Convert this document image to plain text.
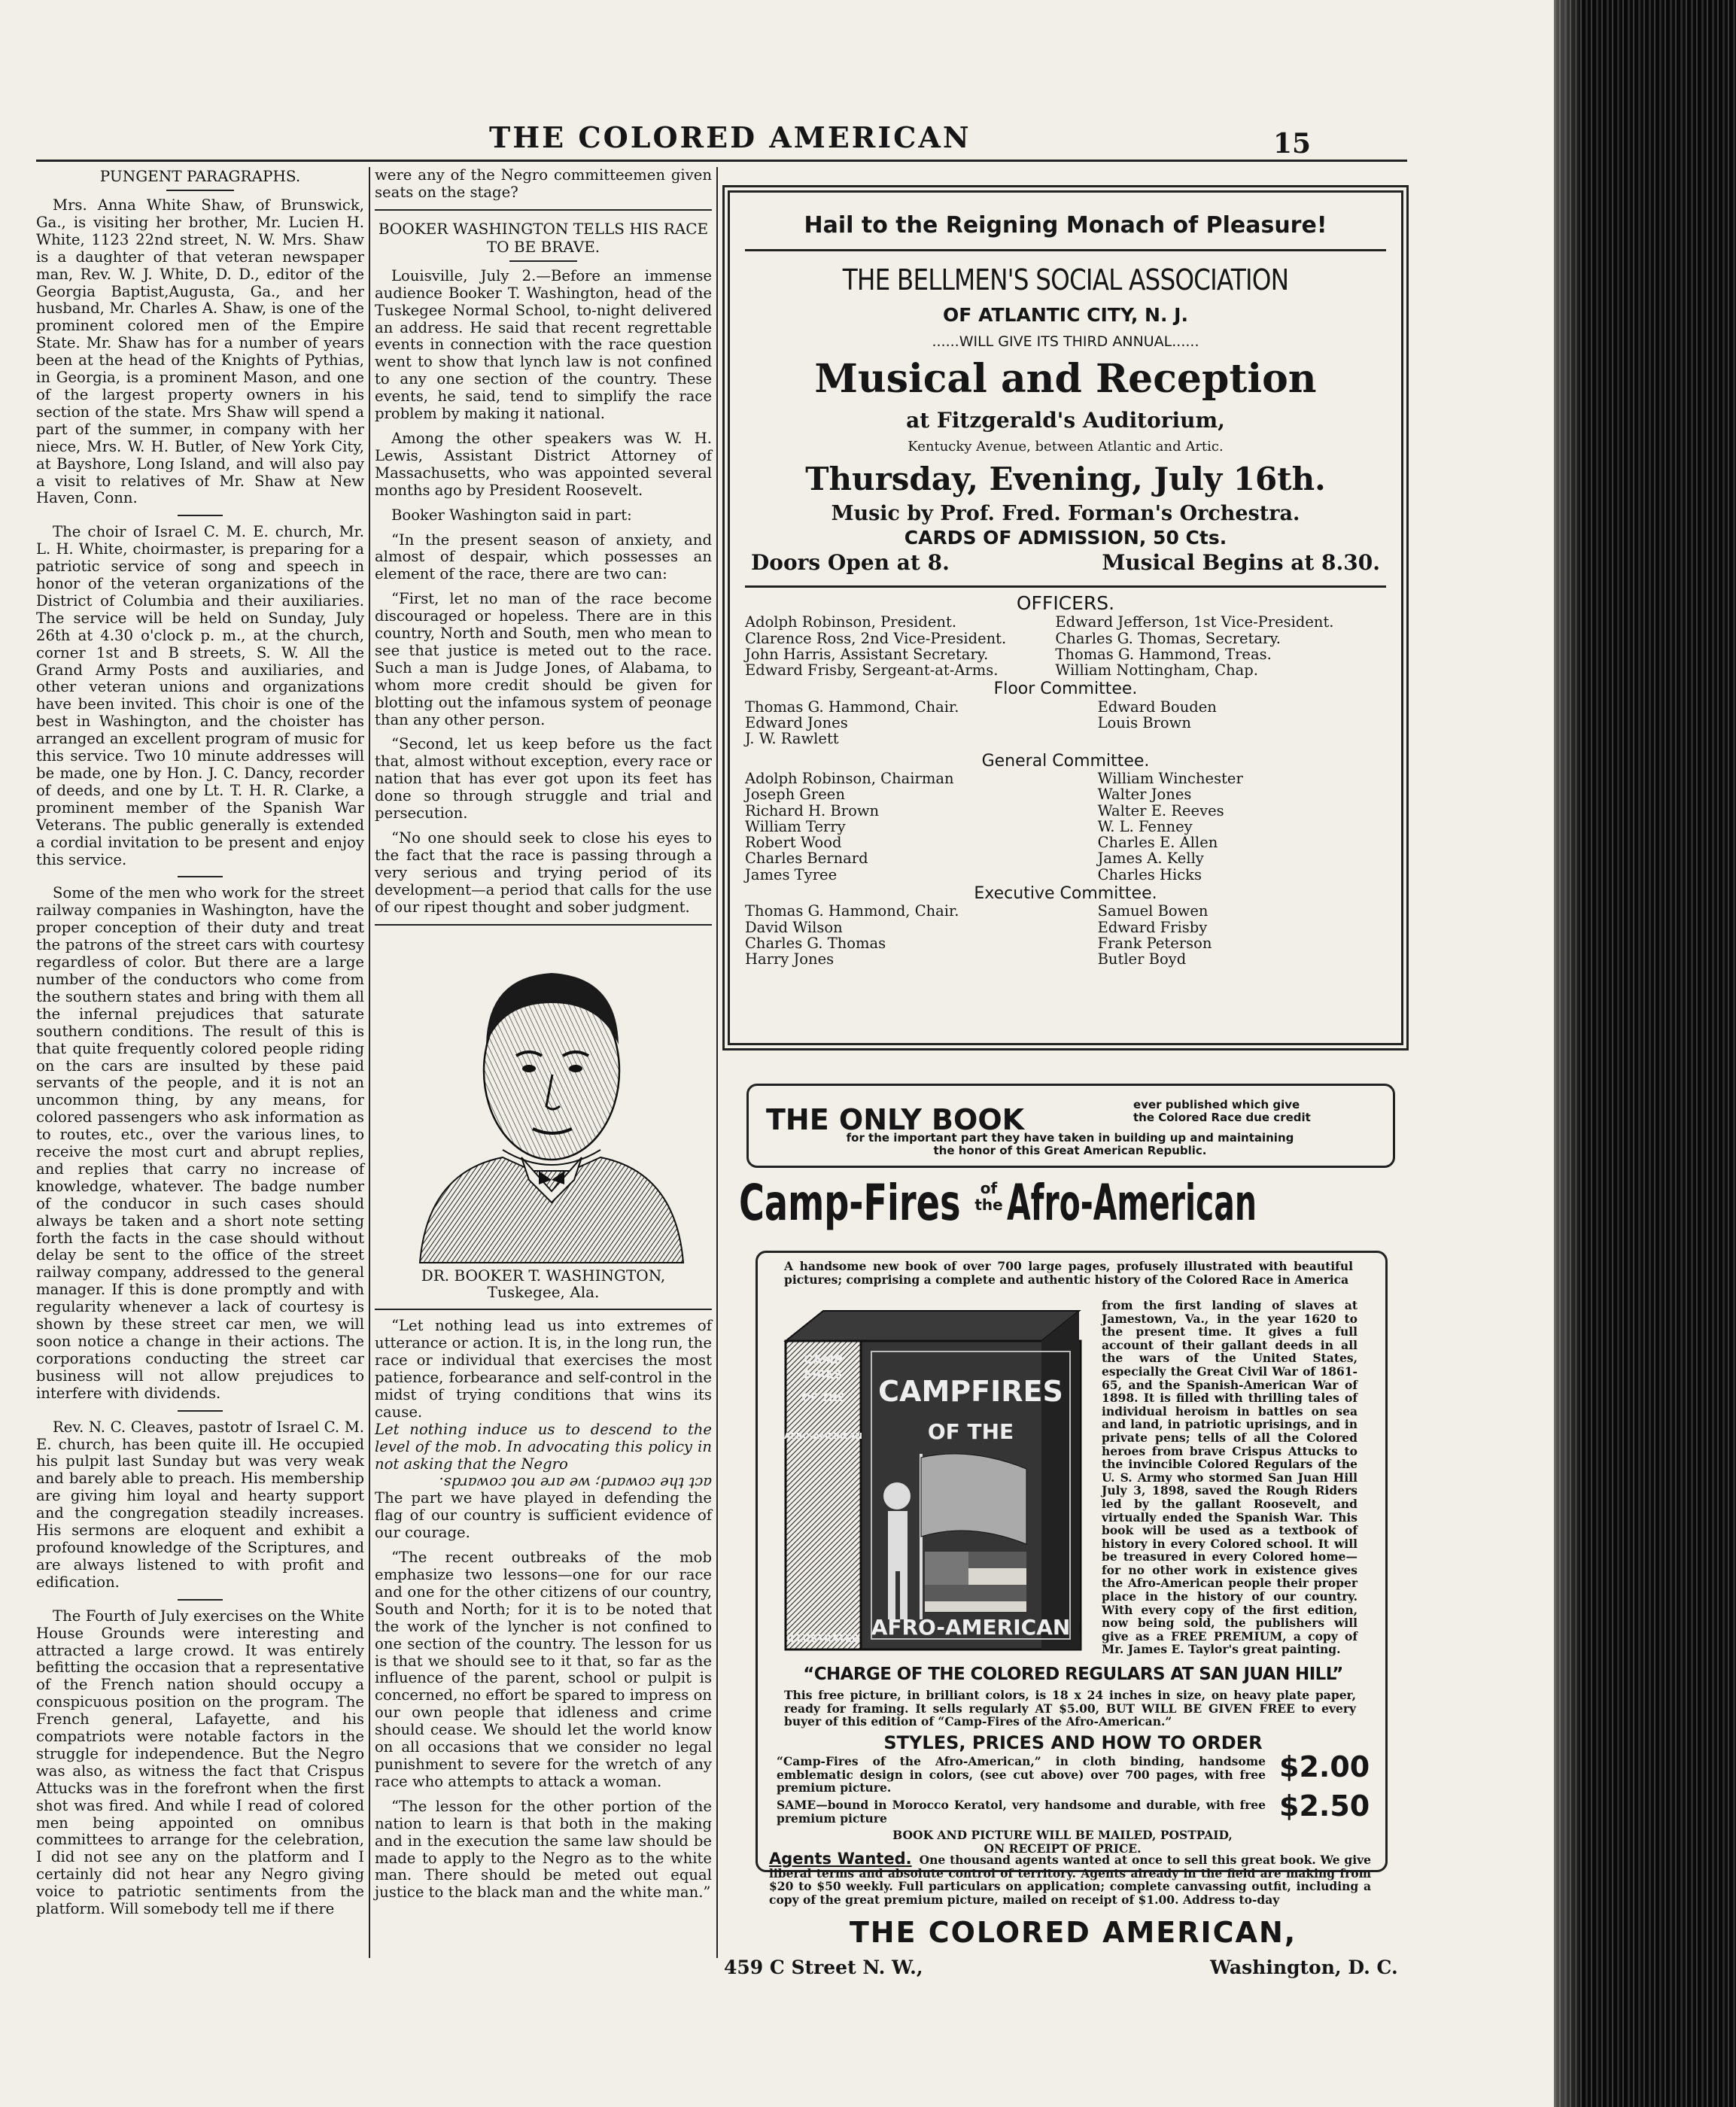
THE COLORED AMERICAN	15
PUNGENT PARAGRAPHS.

Mrs. Anna White Shaw, of Brunswick, Ga., is visiting her brother, Mr. Lucien H. White, 1123 22nd street, N. W. Mrs. Shaw is a daughter of that veteran newspaper man, Rev. W. J. White, D. D., editor of the Georgia Baptist,Augusta, Ga., and her husband, Mr. Charles A. Shaw, is one of the prominent colored men of the Empire State. Mr. Shaw has for a number of years been at the head of the Knights of Pythias, in Georgia, is a prominent Mason, and one of the largest property owners in his section of the state. Mrs Shaw will spend a part of the summer, in company with her niece, Mrs. W. H. Butler, of New York City, at Bayshore, Long Island, and will also pay a visit to relatives of Mr. Shaw at New Haven, Conn.

The choir of Israel C. M. E. church, Mr. L. H. White, choirmaster, is preparing for a patriotic service of song and speech in honor of the veteran organizations of the District of Columbia and their auxiliaries. The service will be held on Sunday, July 26th at 4.30 o'clock p. m., at the church, corner 1st and B streets, S. W. All the Grand Army Posts and auxiliaries, and other veteran unions and organizations have been invited. This choir is one of the best in Washington, and the choister has arranged an excellent program of music for this service. Two 10 minute addresses will be made, one by Hon. J. C. Dancy, recorder of deeds, and one by Lt. T. H. R. Clarke, a prominent member of the Spanish War Veterans. The public generally is extended a cordial invitation to be present and enjoy this service.

Some of the men who work for the street railway companies in Washington, have the proper conception of their duty and treat the patrons of the street cars with courtesy regardless of color. But there are a large number of the conductors who come from the southern states and bring with them all the infernal prejudices that saturate southern conditions. The result of this is that quite frequently colored people riding on the cars are insulted by these paid servants of the people, and it is not an uncommon thing, by any means, for colored passengers who ask information as to routes, etc., over the various lines, to receive the most curt and abrupt replies, and replies that carry no increase of knowledge, whatever. The badge number of the conducor in such cases should always be taken and a short note setting forth the facts in the case should without delay be sent to the office of the street railway company, addressed to the general manager. If this is done promptly and with regularity whenever a lack of courtesy is shown by these street car men, we will soon notice a change in their actions. The corporations conducting the street car business will not allow prejudices to interfere with dividends.

Rev. N. C. Cleaves, pastotr of Israel C. M. E. church, has been quite ill. He occupied his pulpit last Sunday but was very weak and barely able to preach. His membership are giving him loyal and hearty support and the congregation steadily increases. His sermons are eloquent and exhibit a profound knowledge of the Scriptures, and are always listened to with profit and edification.

The Fourth of July exercises on the White House Grounds were interesting and attracted a large crowd. It was entirely befitting the occasion that a representative of the French nation should occupy a conspicuous position on the program. The French general, Lafayette, and his compatriots were notable factors in the struggle for independence. But the Negro was also, as witness the fact that Crispus Attucks was in the forefront when the first shot was fired. And while I read of colored men being appointed on omnibus committees to arrange for the celebration, I did not see any on the platform and I certainly did not hear any Negro giving voice to patriotic sentiments from the platform. Will somebody tell me if there

were any of the Negro committeemen given seats on the stage?

BOOKER WASHINGTON TELLS HIS RACE TO BE BRAVE.

Louisville, July 2.—Before an immense audience Booker T. Washington, head of the Tuskegee Normal School, to-night delivered an address. He said that recent regrettable events in connection with the race question went to show that lynch law is not confined to any one section of the country. These events, he said, tend to simplify the race problem by making it national.

Among the other speakers was W. H. Lewis, Assistant District Attorney of Massachusetts, who was appointed several months ago by President Roosevelt.

Booker Washington said in part:

“In the present season of anxiety, and almost of despair, which possesses an element of the race, there are two can:

“First, let no man of the race become discouraged or hopeless. There are in this country, North and South, men who mean to see that justice is meted out to the race. Such a man is Judge Jones, of Alabama, to whom more credit should be given for blotting out the infamous system of peonage than any other person.

“Second, let us keep before us the fact that, almost without exception, every race or nation that has ever got upon its feet has done so through struggle and trial and persecution.

“No one should seek to close his eyes to the fact that the race is passing through a very serious and trying period of its development—a period that calls for the use of our ripest thought and sober judgment.

DR. BOOKER T. WASHINGTON,
Tuskegee, Ala.

“Let nothing lead us into extremes of utterance or action. It is, in the long run, the race or individual that exercises the most patience, forbearance and self-control in the midst of trying conditions that wins its cause.

Let nothing induce us to descend to the level of the mob. In advocating this policy in not asking that the Negro

act the coward; we are not cowards.

The part we have played in defending the flag of our country is sufficient evidence of our courage.

“The recent outbreaks of the mob emphasize two lessons—one for our race and one for the other citizens of our country, South and North; for it is to be noted that the work of the lyncher is not confined to one section of the country. The lesson for us is that we should see to it that, so far as the influence of the parent, school or pulpit is concerned, no effort be spared to impress on our own people that idleness and crime should cease. We should let the world know on all occasions that we consider no legal punishment to severe for the wretch of any race who attempts to attack a woman.

“The lesson for the other portion of the nation to learn is that both in the making and in the execution the same law should be made to apply to the Negro as to the white man. There should be meted out equal justice to the black man and the white man.”

Hail to the Reigning Monach of Pleasure!
THE BELLMEN'S SOCIAL ASSOCIATION
OF ATLANTIC CITY, N. J.
......WILL GIVE ITS THIRD ANNUAL......
Musical and Reception
at Fitzgerald's Auditorium,
Kentucky Avenue, between Atlantic and Artic.
Thursday, Evening, July 16th.
Music by Prof. Fred. Forman's Orchestra.
CARDS OF ADMISSION, 50 Cts.
Doors Open at 8.	Musical Begins at 8.30.
OFFICERS.
Adolph Robinson, President.	Edward Jefferson, 1st Vice-President.
Clarence Ross, 2nd Vice-President.	Charles G. Thomas, Secretary.
John Harris, Assistant Secretary.	Thomas G. Hammond, Treas.
Edward Frisby, Sergeant-at-Arms.	William Nottingham, Chap.
Floor Committee.
Thomas G. Hammond, Chair.	Edward Bouden
Edward Jones	Louis Brown
J. W. Rawlett	
General Committee.
Adolph Robinson, Chairman	William Winchester
Joseph Green	Walter Jones
Richard H. Brown	Walter E. Reeves
William Terry	W. L. Fenney
Robert Wood	Charles E. Allen
Charles Bernard	James A. Kelly
James Tyree	Charles Hicks
Executive Committee.
Thomas G. Hammond, Chair.	Samuel Bowen
David Wilson	Edward Frisby
Charles G. Thomas	Frank Peterson
Harry Jones	Butler Boyd
THE ONLY BOOK	ever published which give
the Colored Race due credit
for the important part they have taken in building up and maintaining
the honor of this Great American Republic.
Camp-Fires	of
the Afro-American
A handsome new book of over 700 large pages, profusely illustrated with beautiful pictures; comprising a complete and authentic history of the Colored Race in America
from the first landing of slaves at Jamestown, Va., in the year 1620 to the present time. It gives a full account of their gallant deeds in all the wars of the United States, especially the Great Civil War of 1861-65, and the Spanish-American War of 1898. It is filled with thrilling tales of individual heroism in battles on sea and land, in patriotic uprisings, and in private pens; tells of all the Colored heroes from brave Crispus Attucks to the invincible Colored Regulars of the U. S. Army who stormed San Juan Hill July 3, 1898, saved the Rough Riders led by the gallant Roosevelt, and virtually ended the Spanish War. This book will be used as a textbook of history in every Colored school. It will be treasured in every Colored home—for no other work in existence gives the Afro-American people their proper place in the history of our country. With every copy of the first edition, now being sold, the publishers will give as a FREE PREMIUM, a copy of Mr. James E. Taylor's great painting.
CAMP
FIRES
OF THE
AFRO-AMERICAN
ILLUSTRATED
CAMPFIRES
OF THE
AFRO-AMERICAN
“CHARGE OF THE COLORED REGULARS AT SAN JUAN HILL”
This free picture, in brilliant colors, is 18 x 24 inches in size, on heavy plate paper, ready for framing. It sells regularly AT $5.00, BUT WILL BE GIVEN FREE to every buyer of this edition of “Camp-Fires of the Afro-American.”
STYLES, PRICES AND HOW TO ORDER
“Camp-Fires of the Afro-American,” in cloth binding, handsome emblematic design in colors, (see cut above) over 700 pages, with free premium picture.
$2.00
SAME—bound in Morocco Keratol, very handsome and durable, with free premium picture	$2.50
BOOK AND PICTURE WILL BE MAILED, POSTPAID,
ON RECEIPT OF PRICE.
Agents Wanted. One thousand agents wanted at once to sell this great book. We give liberal terms and absolute control of territory. Agents already in the field are making from $20 to $50 weekly. Full particulars on application; complete canvassing outfit, including a copy of the great premium picture, mailed on receipt of $1.00. Address to-day
THE COLORED AMERICAN,
459 C Street N. W.,	Washington, D. C.
